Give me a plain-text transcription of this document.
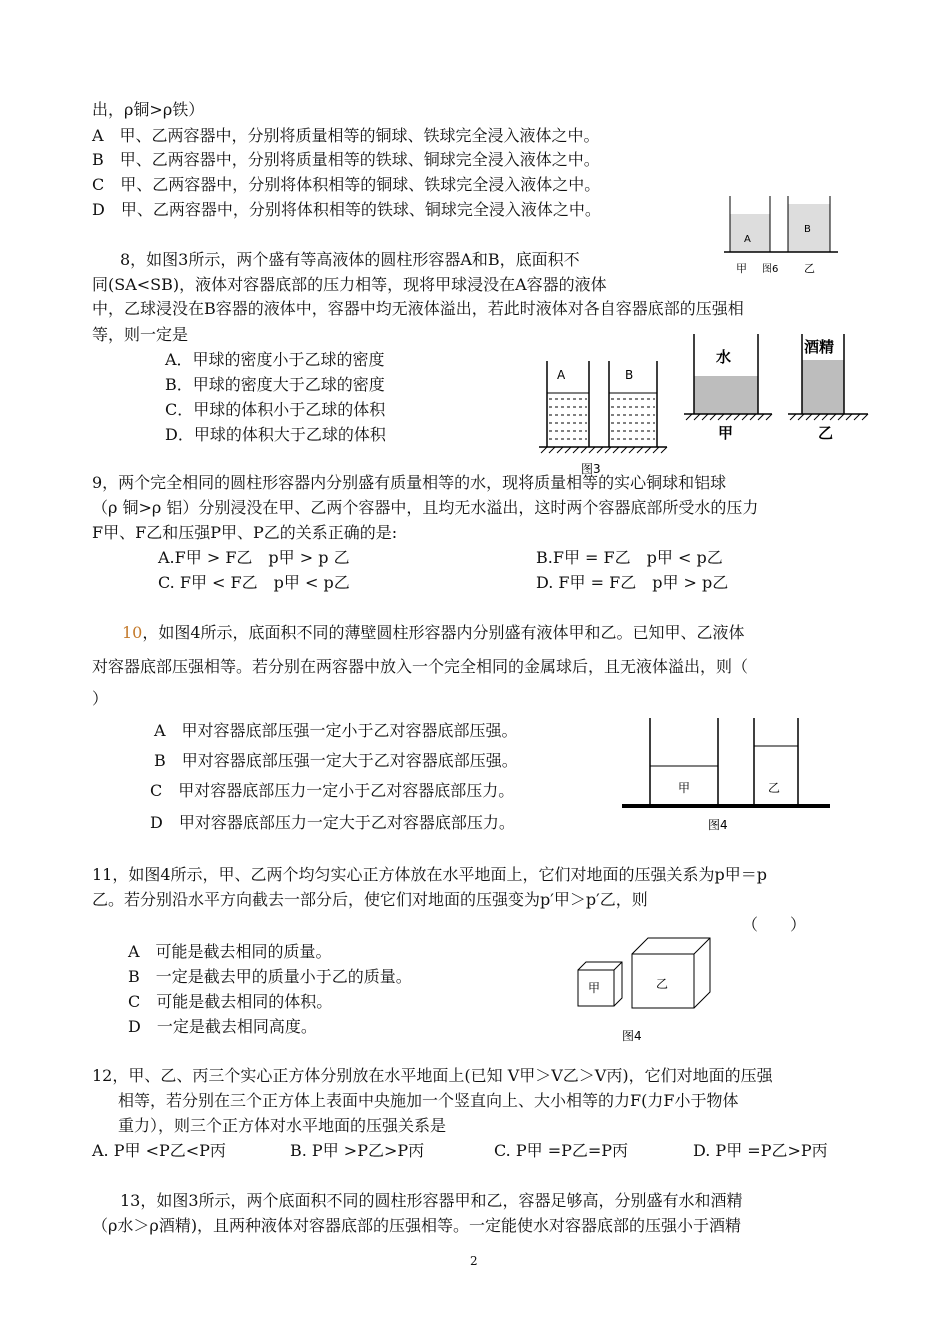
出，ρ铜>ρ铁）
A　甲、乙两容器中，分别将质量相等的铜球、铁球完全浸入液体之中。
B　甲、乙两容器中，分别将质量相等的铁球、铜球完全浸入液体之中。
C　甲、乙两容器中，分别将体积相等的铜球、铁球完全浸入液体之中。
D　甲、乙两容器中，分别将体积相等的铁球、铜球完全浸入液体之中。
A
B
甲 图6 乙
8，如图3所示，两个盛有等高液体的圆柱形容器A和B，底面积不
同(SA<SB)，液体对容器底部的压力相等，现将甲球浸没在A容器的液体
中，乙球浸没在B容器的液体中，容器中均无液体溢出，若此时液体对各自容器底部的压强相
等，则一定是
A．甲球的密度小于乙球的密度
B．甲球的密度大于乙球的密度
C．甲球的体积小于乙球的体积
D．甲球的体积大于乙球的体积
A	B
图3
水
酒精
甲	乙
9，两个完全相同的圆柱形容器内分别盛有质量相等的水，现将质量相等的实心铜球和铝球
（ρ 铜>ρ 铝）分别浸没在甲、乙两个容器中，且均无水溢出，这时两个容器底部所受水的压力
F甲、F乙和压强P甲、P乙的关系正确的是:
A.F甲 > F乙　p甲 > p 乙	B.F甲 = F乙　p甲 < p乙
C. F甲 < F乙　p甲 < p乙	D. F甲 = F乙　p甲 > p乙
10，如图4所示，底面积不同的薄壁圆柱形容器内分别盛有液体甲和乙。已知甲、乙液体
对容器底部压强相等。若分别在两容器中放入一个完全相同的金属球后，且无液体溢出，则（
）
A　甲对容器底部压强一定小于乙对容器底部压强。
B　甲对容器底部压强一定大于乙对容器底部压强。
C　甲对容器底部压力一定小于乙对容器底部压力。
D　甲对容器底部压力一定大于乙对容器底部压力。
甲	乙
图4
11，如图4所示，甲、乙两个均匀实心正方体放在水平地面上，它们对地面的压强关系为p甲＝p
乙。若分别沿水平方向截去一部分后，使它们对地面的压强变为p′甲＞p′乙，则
（　　）
A　可能是截去相同的质量。
B　一定是截去甲的质量小于乙的质量。
C　可能是截去相同的体积。
D　一定是截去相同高度。
甲	乙
图4
12，甲、乙、丙三个实心正方体分别放在水平地面上(已知 V甲＞V乙＞V丙)，它们对地面的压强
相等，若分别在三个正方体上表面中央施加一个竖直向上、大小相等的力F(力F小于物体
重力），则三个正方体对水平地面的压强关系是
A. P甲 <P乙<P丙	B. P甲 >P乙>P丙	C. P甲 =P乙=P丙	D. P甲 =P乙>P丙
13，如图3所示，两个底面积不同的圆柱形容器甲和乙，容器足够高，分别盛有水和酒精
（ρ水＞ρ酒精)，且两种液体对容器底部的压强相等。一定能使水对容器底部的压强小于酒精
2
